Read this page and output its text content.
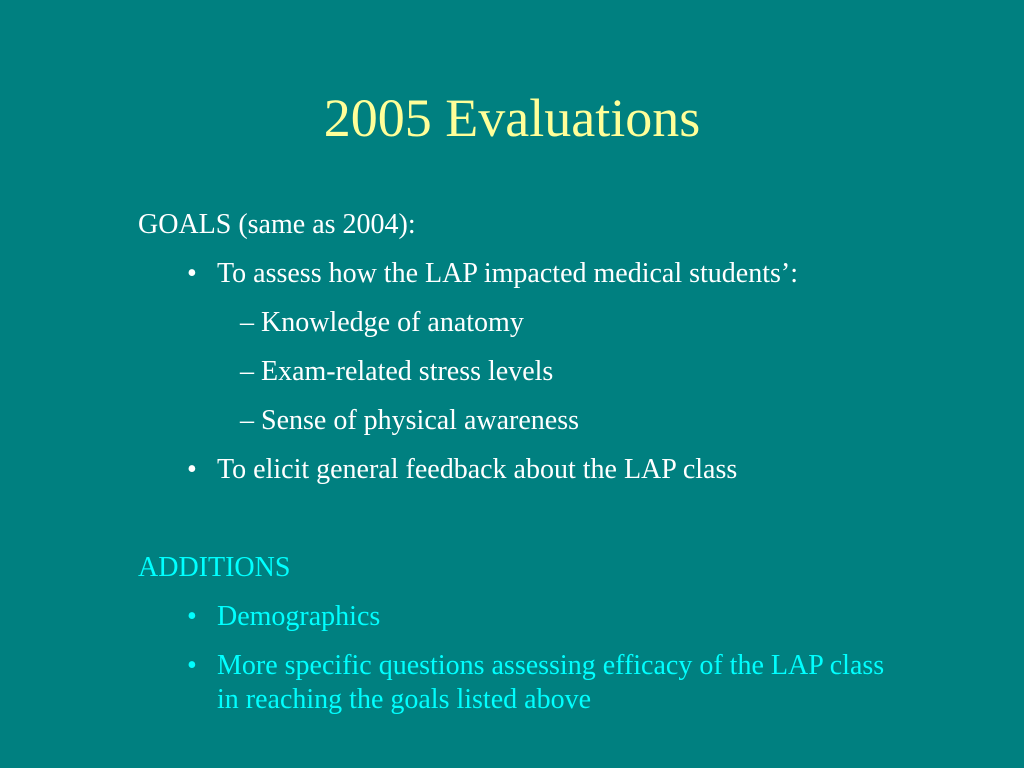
2005 Evaluations
GOALS (same as 2004):
• To assess how the LAP impacted medical students’:
– Knowledge of anatomy
– Exam-related stress levels
– Sense of physical awareness
• To elicit general feedback about the LAP class
ADDITIONS
• Demographics
• More specific questions assessing efficacy of the LAP class in reaching the goals listed above
